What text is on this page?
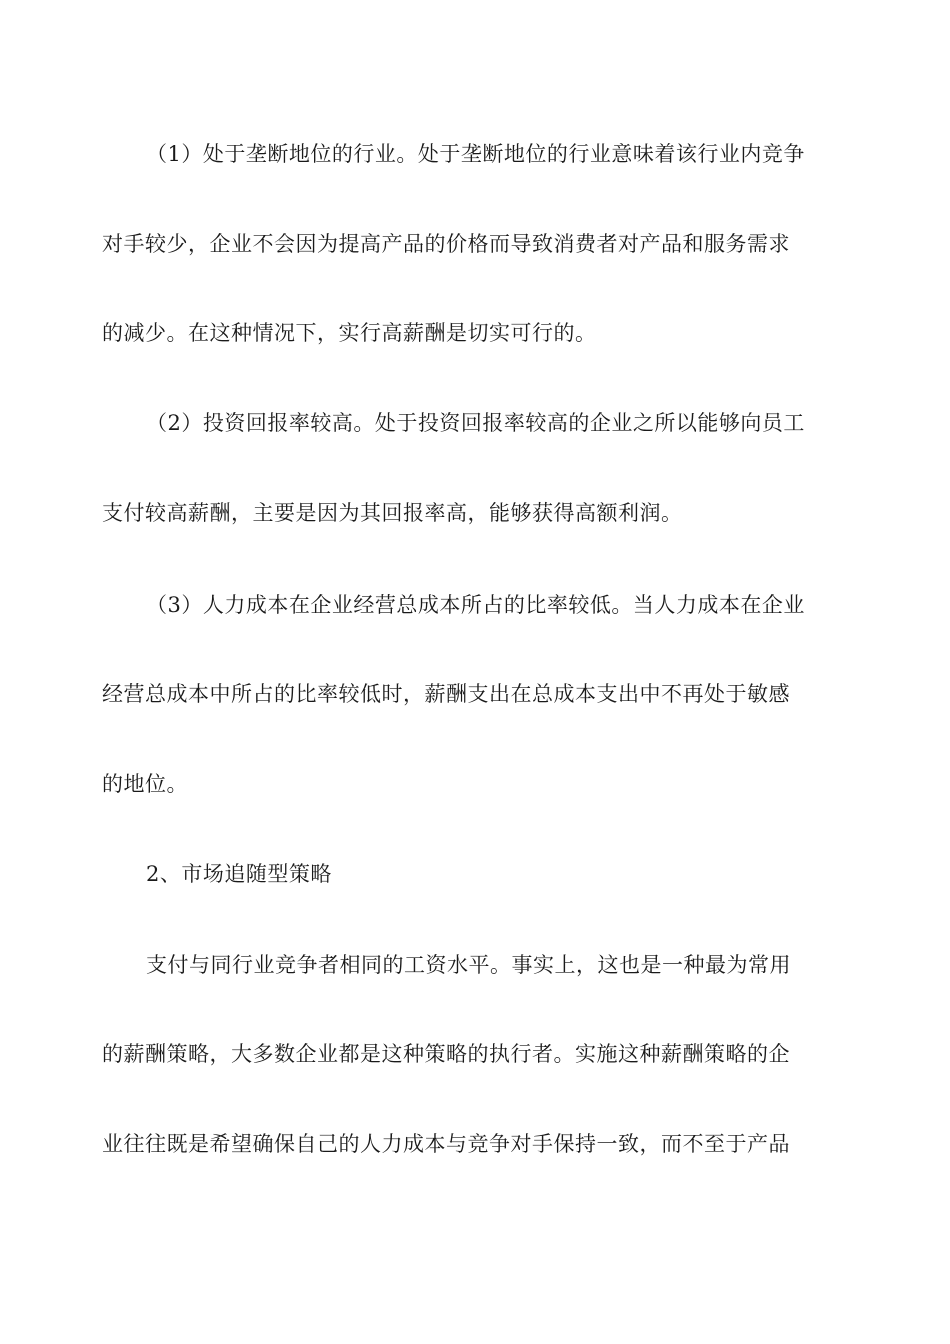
（1）处于垄断地位的行业。处于垄断地位的行业意味着该行业内竞争
对手较少，企业不会因为提高产品的价格而导致消费者对产品和服务需求
的减少。在这种情况下，实行高薪酬是切实可行的。
（2）投资回报率较高。处于投资回报率较高的企业之所以能够向员工
支付较高薪酬，主要是因为其回报率高，能够获得高额利润。
（3）人力成本在企业经营总成本所占的比率较低。当人力成本在企业
经营总成本中所占的比率较低时，薪酬支出在总成本支出中不再处于敏感
的地位。
2、市场追随型策略
支付与同行业竞争者相同的工资水平。事实上，这也是一种最为常用
的薪酬策略，大多数企业都是这种策略的执行者。实施这种薪酬策略的企
业往往既是希望确保自己的人力成本与竞争对手保持一致，而不至于产品
